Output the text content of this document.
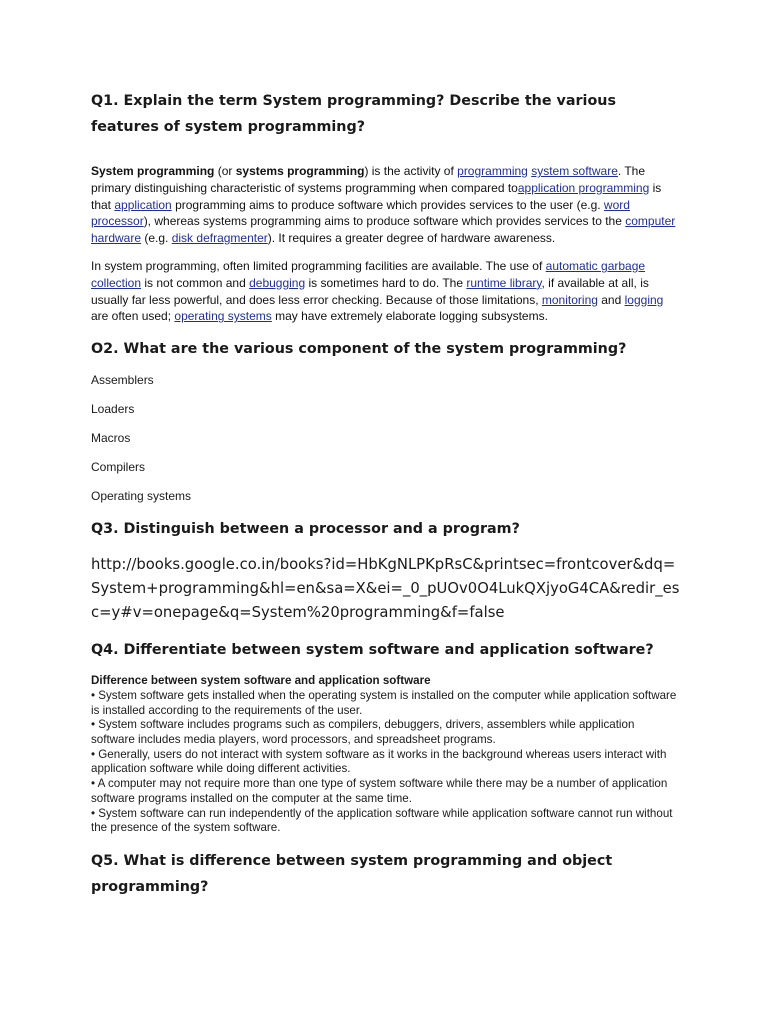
Q1. Explain the term System programming? Describe the various features of system programming?

System programming (or systems programming) is the activity of programming system software. The primary distinguishing characteristic of systems programming when compared toapplication programming is that application programming aims to produce software which provides services to the user (e.g. word processor), whereas systems programming aims to produce software which provides services to the computer hardware (e.g. disk defragmenter). It requires a greater degree of hardware awareness.

In system programming, often limited programming facilities are available. The use of automatic garbage collection is not common and debugging is sometimes hard to do. The runtime library, if available at all, is usually far less powerful, and does less error checking. Because of those limitations, monitoring and logging are often used; operating systems may have extremely elaborate logging subsystems.

O2. What are the various component of the system programming?
Assemblers
Loaders
Macros
Compilers
Operating systems
Q3. Distinguish between a processor and a program?

http://books.google.co.in/books?id=HbKgNLPKpRsC&printsec=frontcover&dq=System+programming&hl=en&sa=X&ei=_0_pUOv0O4LukQXjyoG4CA&redir_esc=y#v=onepage&q=System%20programming&f=false

Q4. Differentiate between system software and application software?
Difference between system software and application software
• System software gets installed when the operating system is installed on the computer while application software is installed according to the requirements of the user.
• System software includes programs such as compilers, debuggers, drivers, assemblers while application software includes media players, word processors, and spreadsheet programs.
• Generally, users do not interact with system software as it works in the background whereas users interact with application software while doing different activities.
• A computer may not require more than one type of system software while there may be a number of application software programs installed on the computer at the same time.
• System software can run independently of the application software while application software cannot run without the presence of the system software.
Q5. What is difference between system programming and object programming?
